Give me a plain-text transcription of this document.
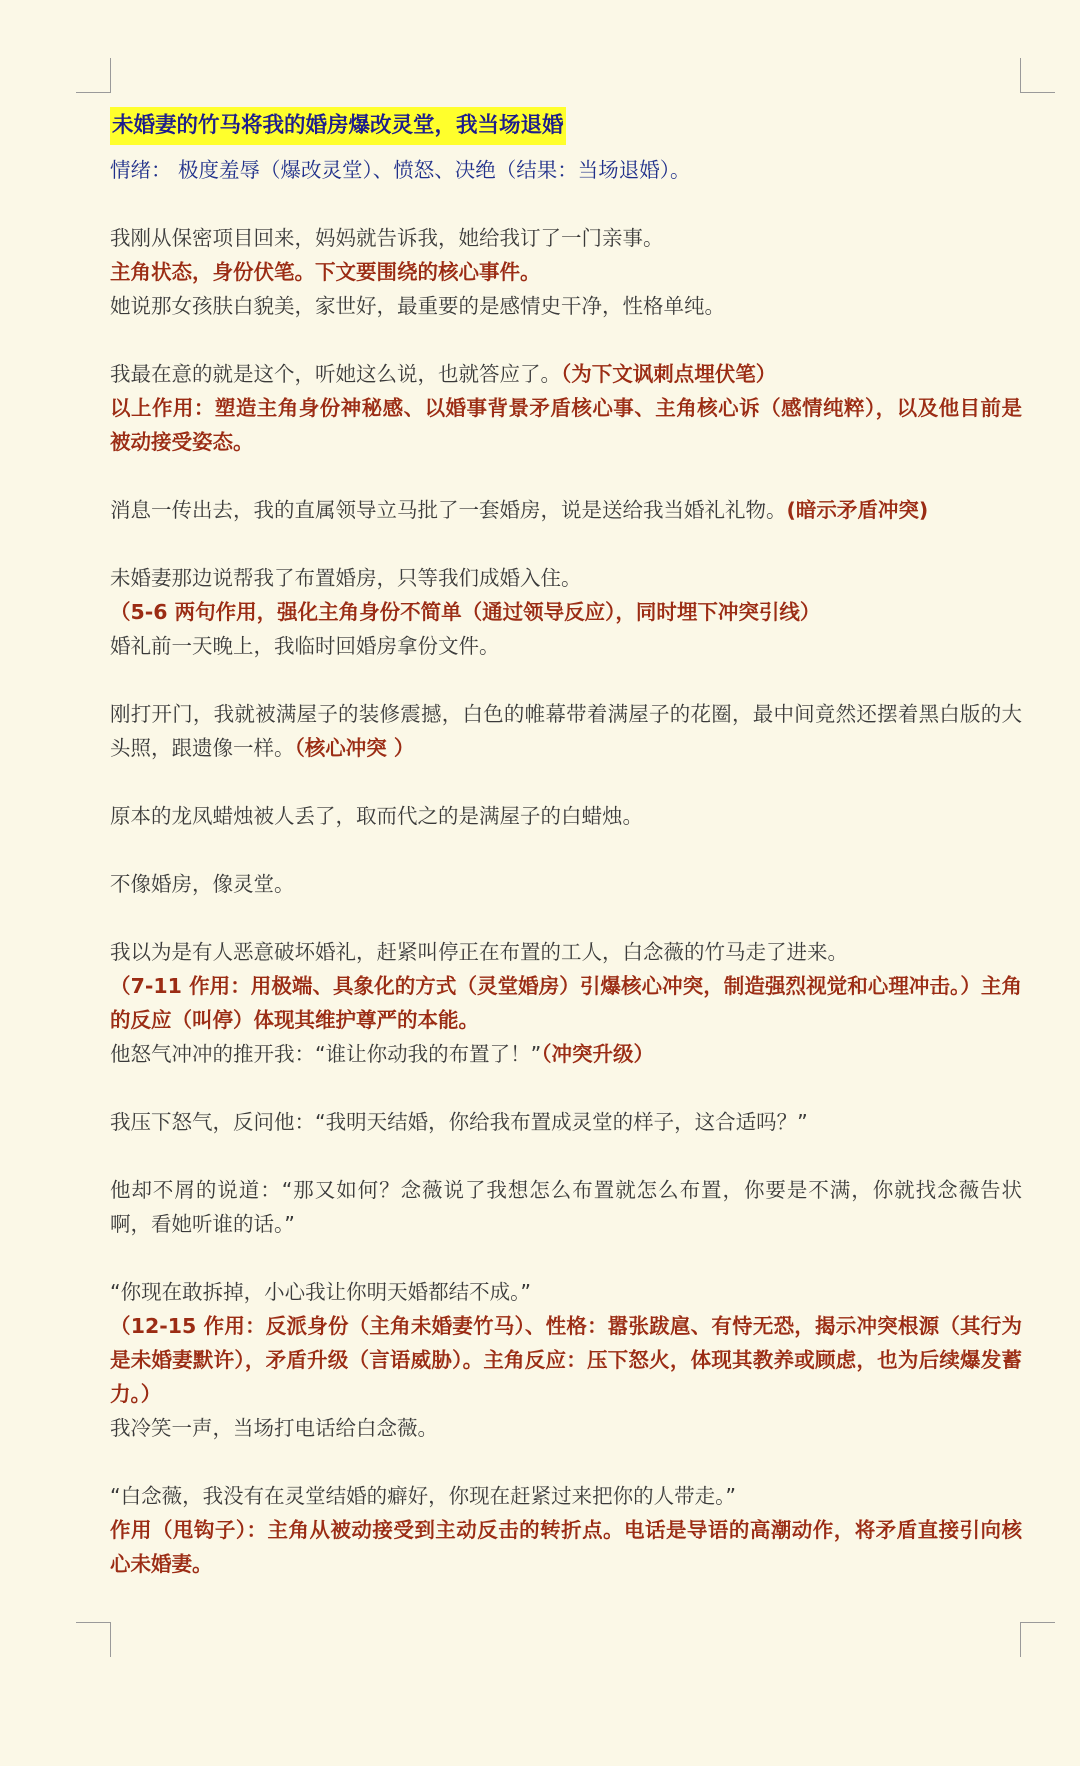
未婚妻的竹马将我的婚房爆改灵堂，我当场退婚

情绪： 极度羞辱（爆改灵堂）、愤怒、决绝（结果：当场退婚）。

我刚从保密项目回来，妈妈就告诉我，她给我订了一门亲事。

主角状态，身份伏笔。下文要围绕的核心事件。

她说那女孩肤白貌美，家世好，最重要的是感情史干净，性格单纯。

我最在意的就是这个，听她这么说，也就答应了。（为下文讽刺点埋伏笔）

以上作用：塑造主角身份神秘感、以婚事背景矛盾核心事、主角核心诉（感情纯粹），以及他目前是被动接受姿态。

消息一传出去，我的直属领导立马批了一套婚房，说是送给我当婚礼礼物。(暗示矛盾冲突)

未婚妻那边说帮我了布置婚房，只等我们成婚入住。

（5-6 两句作用，强化主角身份不简单（通过领导反应），同时埋下冲突引线）

婚礼前一天晚上，我临时回婚房拿份文件。

刚打开门，我就被满屋子的装修震撼，白色的帷幕带着满屋子的花圈，最中间竟然还摆着黑白版的大头照，跟遗像一样。（核心冲突 ）

原本的龙凤蜡烛被人丢了，取而代之的是满屋子的白蜡烛。

不像婚房，像灵堂。

我以为是有人恶意破坏婚礼，赶紧叫停正在布置的工人，白念薇的竹马走了进来。

（7-11 作用：用极端、具象化的方式（灵堂婚房）引爆核心冲突，制造强烈视觉和心理冲击。）主角的反应（叫停）体现其维护尊严的本能。

他怒气冲冲的推开我：“谁让你动我的布置了！”（冲突升级）

我压下怒气，反问他：“我明天结婚，你给我布置成灵堂的样子，这合适吗？”

他却不屑的说道：“那又如何？念薇说了我想怎么布置就怎么布置，你要是不满，你就找念薇告状啊，看她听谁的话。”

“你现在敢拆掉，小心我让你明天婚都结不成。”

（12-15 作用：反派身份（主角未婚妻竹马）、性格：嚣张跋扈、有恃无恐，揭示冲突根源（其行为是未婚妻默许），矛盾升级（言语威胁）。主角反应：压下怒火，体现其教养或顾虑，也为后续爆发蓄力。）

我冷笑一声，当场打电话给白念薇。

“白念薇，我没有在灵堂结婚的癖好，你现在赶紧过来把你的人带走。”

作用（甩钩子）：主角从被动接受到主动反击的转折点。电话是导语的高潮动作，将矛盾直接引向核心未婚妻。
